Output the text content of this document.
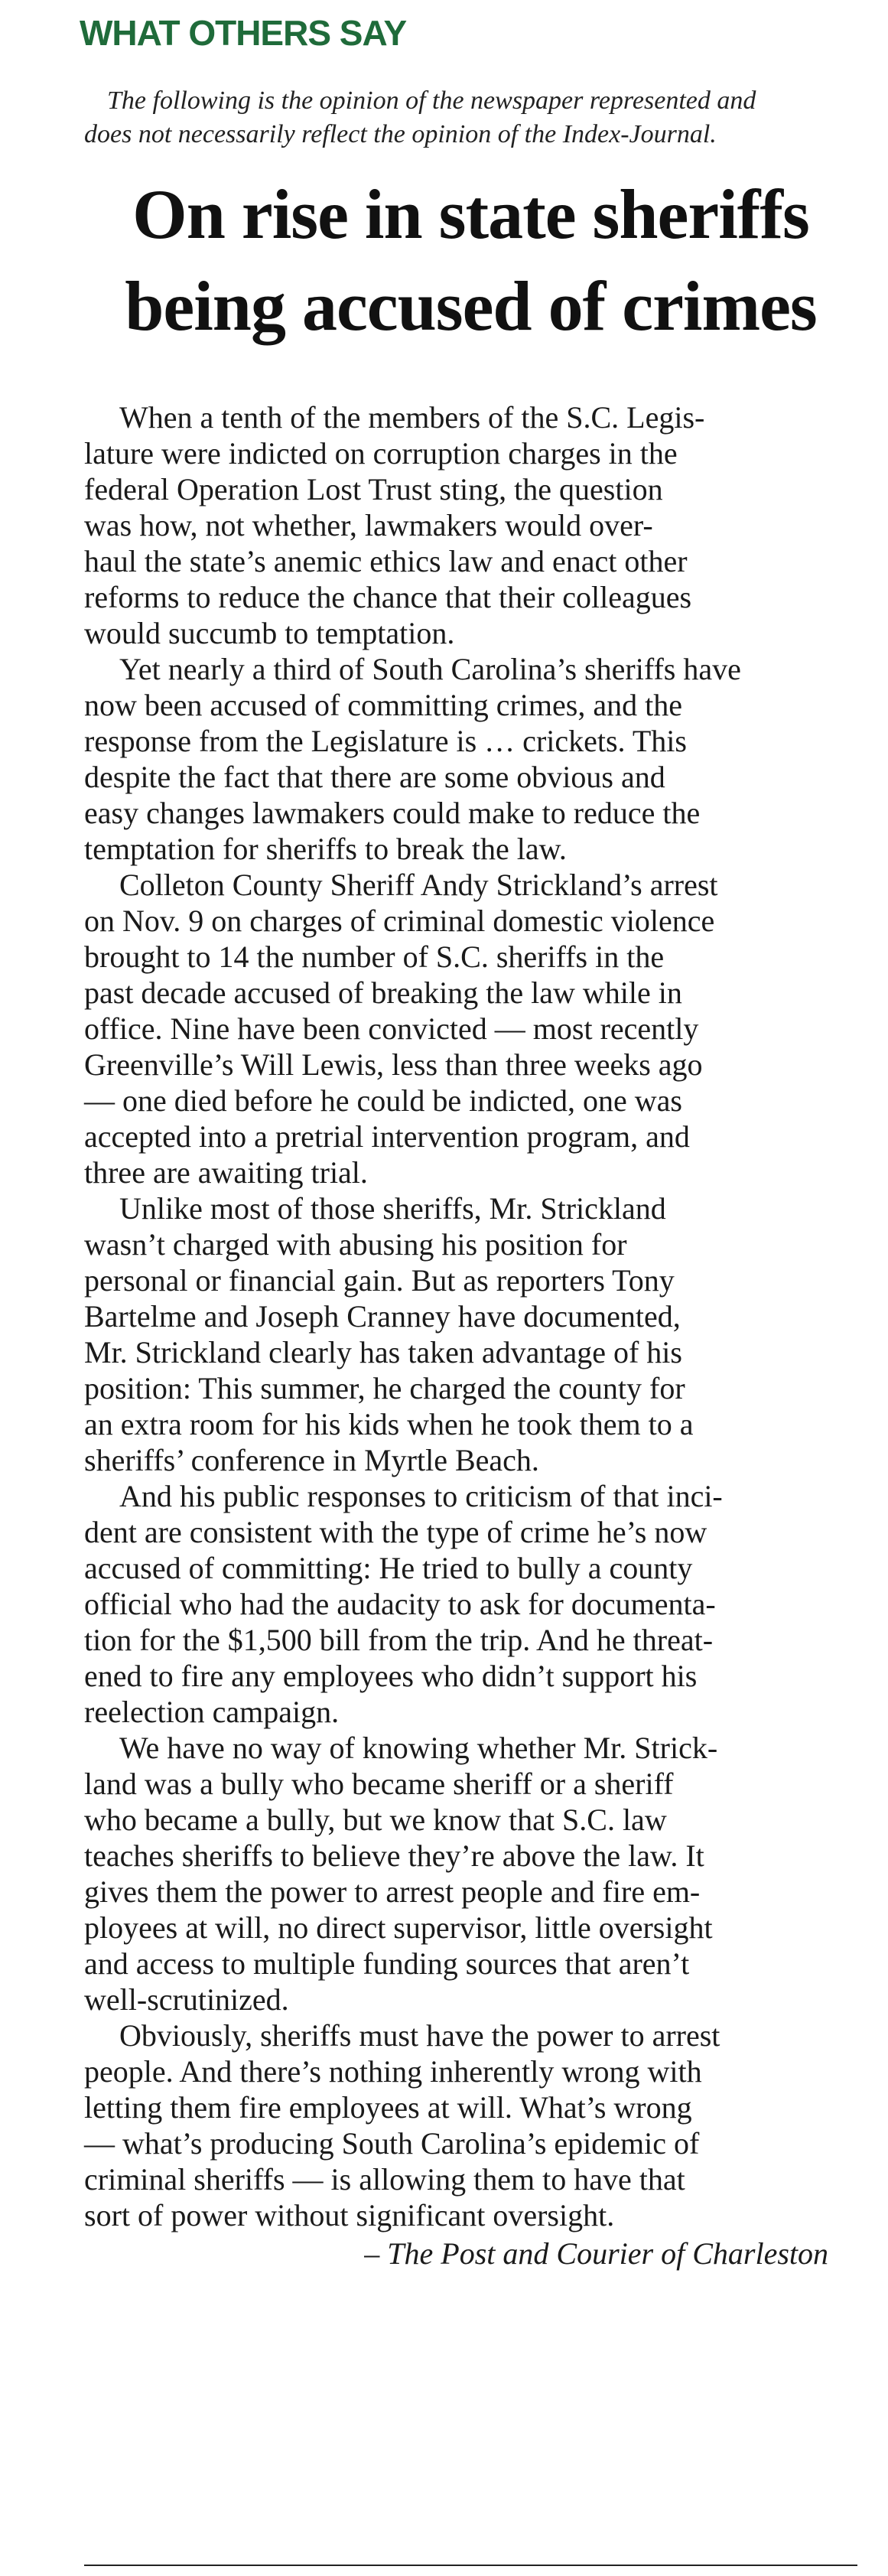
WHAT OTHERS SAY
The following is the opinion of the newspaper represented and
does not necessarily reflect the opinion of the Index-Journal.
On rise in state sheriffs
being accused of crimes

When a tenth of the members of the S.C. Legis-
lature were indicted on corruption charges in the
federal Operation Lost Trust sting, the question
was how, not whether, lawmakers would over-
haul the state’s anemic ethics law and enact other
reforms to reduce the chance that their colleagues
would succumb to temptation.

Yet nearly a third of South Carolina’s sheriffs have
now been accused of committing crimes, and the
response from the Legislature is … crickets. This
despite the fact that there are some obvious and
easy changes lawmakers could make to reduce the
temptation for sheriffs to break the law.

Colleton County Sheriff Andy Strickland’s arrest
on Nov. 9 on charges of criminal domestic violence
brought to 14 the number of S.C. sheriffs in the
past decade accused of breaking the law while in
office. Nine have been convicted — most recently
Greenville’s Will Lewis, less than three weeks ago
— one died before he could be indicted, one was
accepted into a pretrial intervention program, and
three are awaiting trial.

Unlike most of those sheriffs, Mr. Strickland
wasn’t charged with abusing his position for
personal or financial gain. But as reporters Tony
Bartelme and Joseph Cranney have documented,
Mr. Strickland clearly has taken advantage of his
position: This summer, he charged the county for
an extra room for his kids when he took them to a
sheriffs’ conference in Myrtle Beach.

And his public responses to criticism of that inci-
dent are consistent with the type of crime he’s now
accused of committing: He tried to bully a county
official who had the audacity to ask for documenta-
tion for the $1,500 bill from the trip. And he threat-
ened to fire any employees who didn’t support his
reelection campaign.

We have no way of knowing whether Mr. Strick-
land was a bully who became sheriff or a sheriff
who became a bully, but we know that S.C. law
teaches sheriffs to believe they’re above the law. It
gives them the power to arrest people and fire em-
ployees at will, no direct supervisor, little oversight
and access to multiple funding sources that aren’t
well-scrutinized.

Obviously, sheriffs must have the power to arrest
people. And there’s nothing inherently wrong with
letting them fire employees at will. What’s wrong
— what’s producing South Carolina’s epidemic of
criminal sheriffs — is allowing them to have that
sort of power without significant oversight.

– The Post and Courier of Charleston
